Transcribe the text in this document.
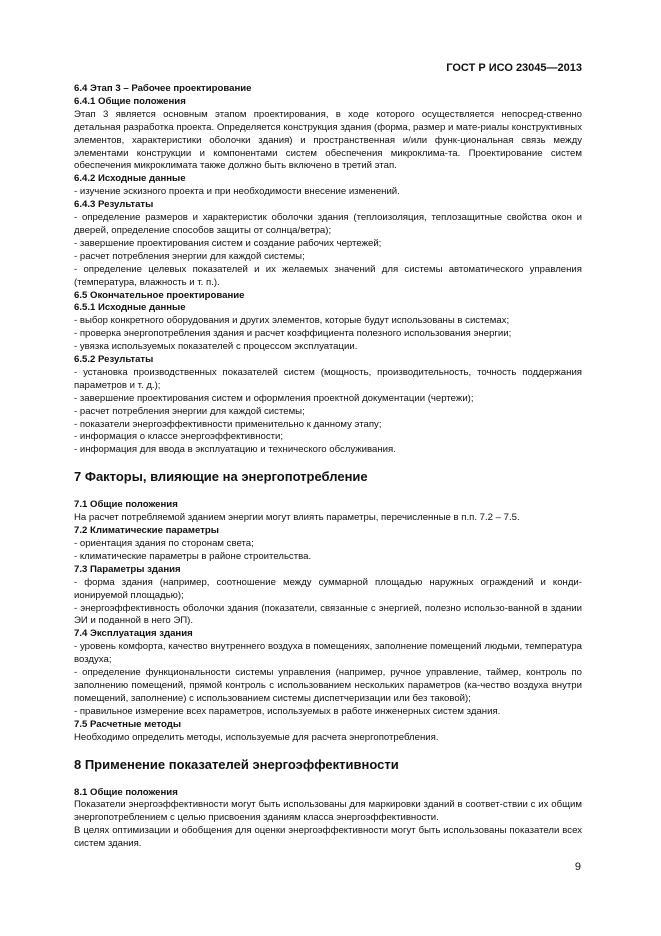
ГОСТ Р ИСО 23045—2013

6.4 Этап 3 – Рабочее проектирование

6.4.1 Общие положения

Этап 3 является основным этапом проектирования, в ходе которого осуществляется непосред-ственно детальная разработка проекта. Определяется конструкция здания (форма, размер и мате-риалы конструктивных элементов, характеристики оболочки здания) и пространственная и/или функ-циональная связь между элементами конструкции и компонентами систем обеспечения микроклима-та. Проектирование систем обеспечения микроклимата также должно быть включено в третий этап.

6.4.2 Исходные данные

- изучение эскизного проекта и при необходимости внесение изменений.

6.4.3 Результаты

- определение размеров и характеристик оболочки здания (теплоизоляция, теплозащитные свойства окон и дверей, определение способов защиты от солнца/ветра);

- завершение проектирования систем и создание рабочих чертежей;

- расчет потребления энергии для каждой системы;

- определение целевых показателей и их желаемых значений для системы автоматического управления (температура, влажность и т. п.).

6.5 Окончательное проектирование

6.5.1 Исходные данные

- выбор конкретного оборудования и других элементов, которые будут использованы в системах;

- проверка энергопотребления здания и расчет коэффициента полезного использования энергии;

- увязка используемых показателей с процессом эксплуатации.

6.5.2 Результаты

- установка производственных показателей систем (мощность, производительность, точность поддержания параметров и т. д.);

- завершение проектирования систем и оформления проектной документации (чертежи);

- расчет потребления энергии для каждой системы;

- показатели энергоэффективности применительно к данному этапу;

- информация о классе энергоэффективности;

- информация для ввода в эксплуатацию и технического обслуживания.

7 Факторы, влияющие на энергопотребление

7.1 Общие положения

На расчет потребляемой зданием энергии могут влиять параметры, перечисленные в п.п. 7.2 – 7.5.

7.2 Климатические параметры

- ориентация здания по сторонам света;

- климатические параметры в районе строительства.

7.3 Параметры здания

- форма здания (например, соотношение между суммарной площадью наружных ограждений и конди-ионируемой площадью);

- энергоэффективность оболочки здания (показатели, связанные с энергией, полезно использо-ванной в здании ЭИ и поданной в него ЭП).

7.4 Эксплуатация здания

- уровень комфорта, качество внутреннего воздуха в помещениях, заполнение помещений людьми, температура воздуха;

- определение функциональности системы управления (например, ручное управление, таймер, контроль по заполнению помещений, прямой контроль с использованием нескольких параметров (ка-чество воздуха внутри помещений, заполнение) с использованием системы диспетчеризации или без таковой);

- правильное измерение всех параметров, используемых в работе инженерных систем здания.

7.5 Расчетные методы

Необходимо определить методы, используемые для расчета энергопотребления.

8 Применение показателей энергоэффективности

8.1 Общие положения

Показатели энергоэффективности могут быть использованы для маркировки зданий в соответ-ствии с их общим энергопотреблением с целью присвоения зданиям класса энергоэффективности.

В целях оптимизации и обобщения для оценки энергоэффективности могут быть использованы показатели всех систем здания.

9
